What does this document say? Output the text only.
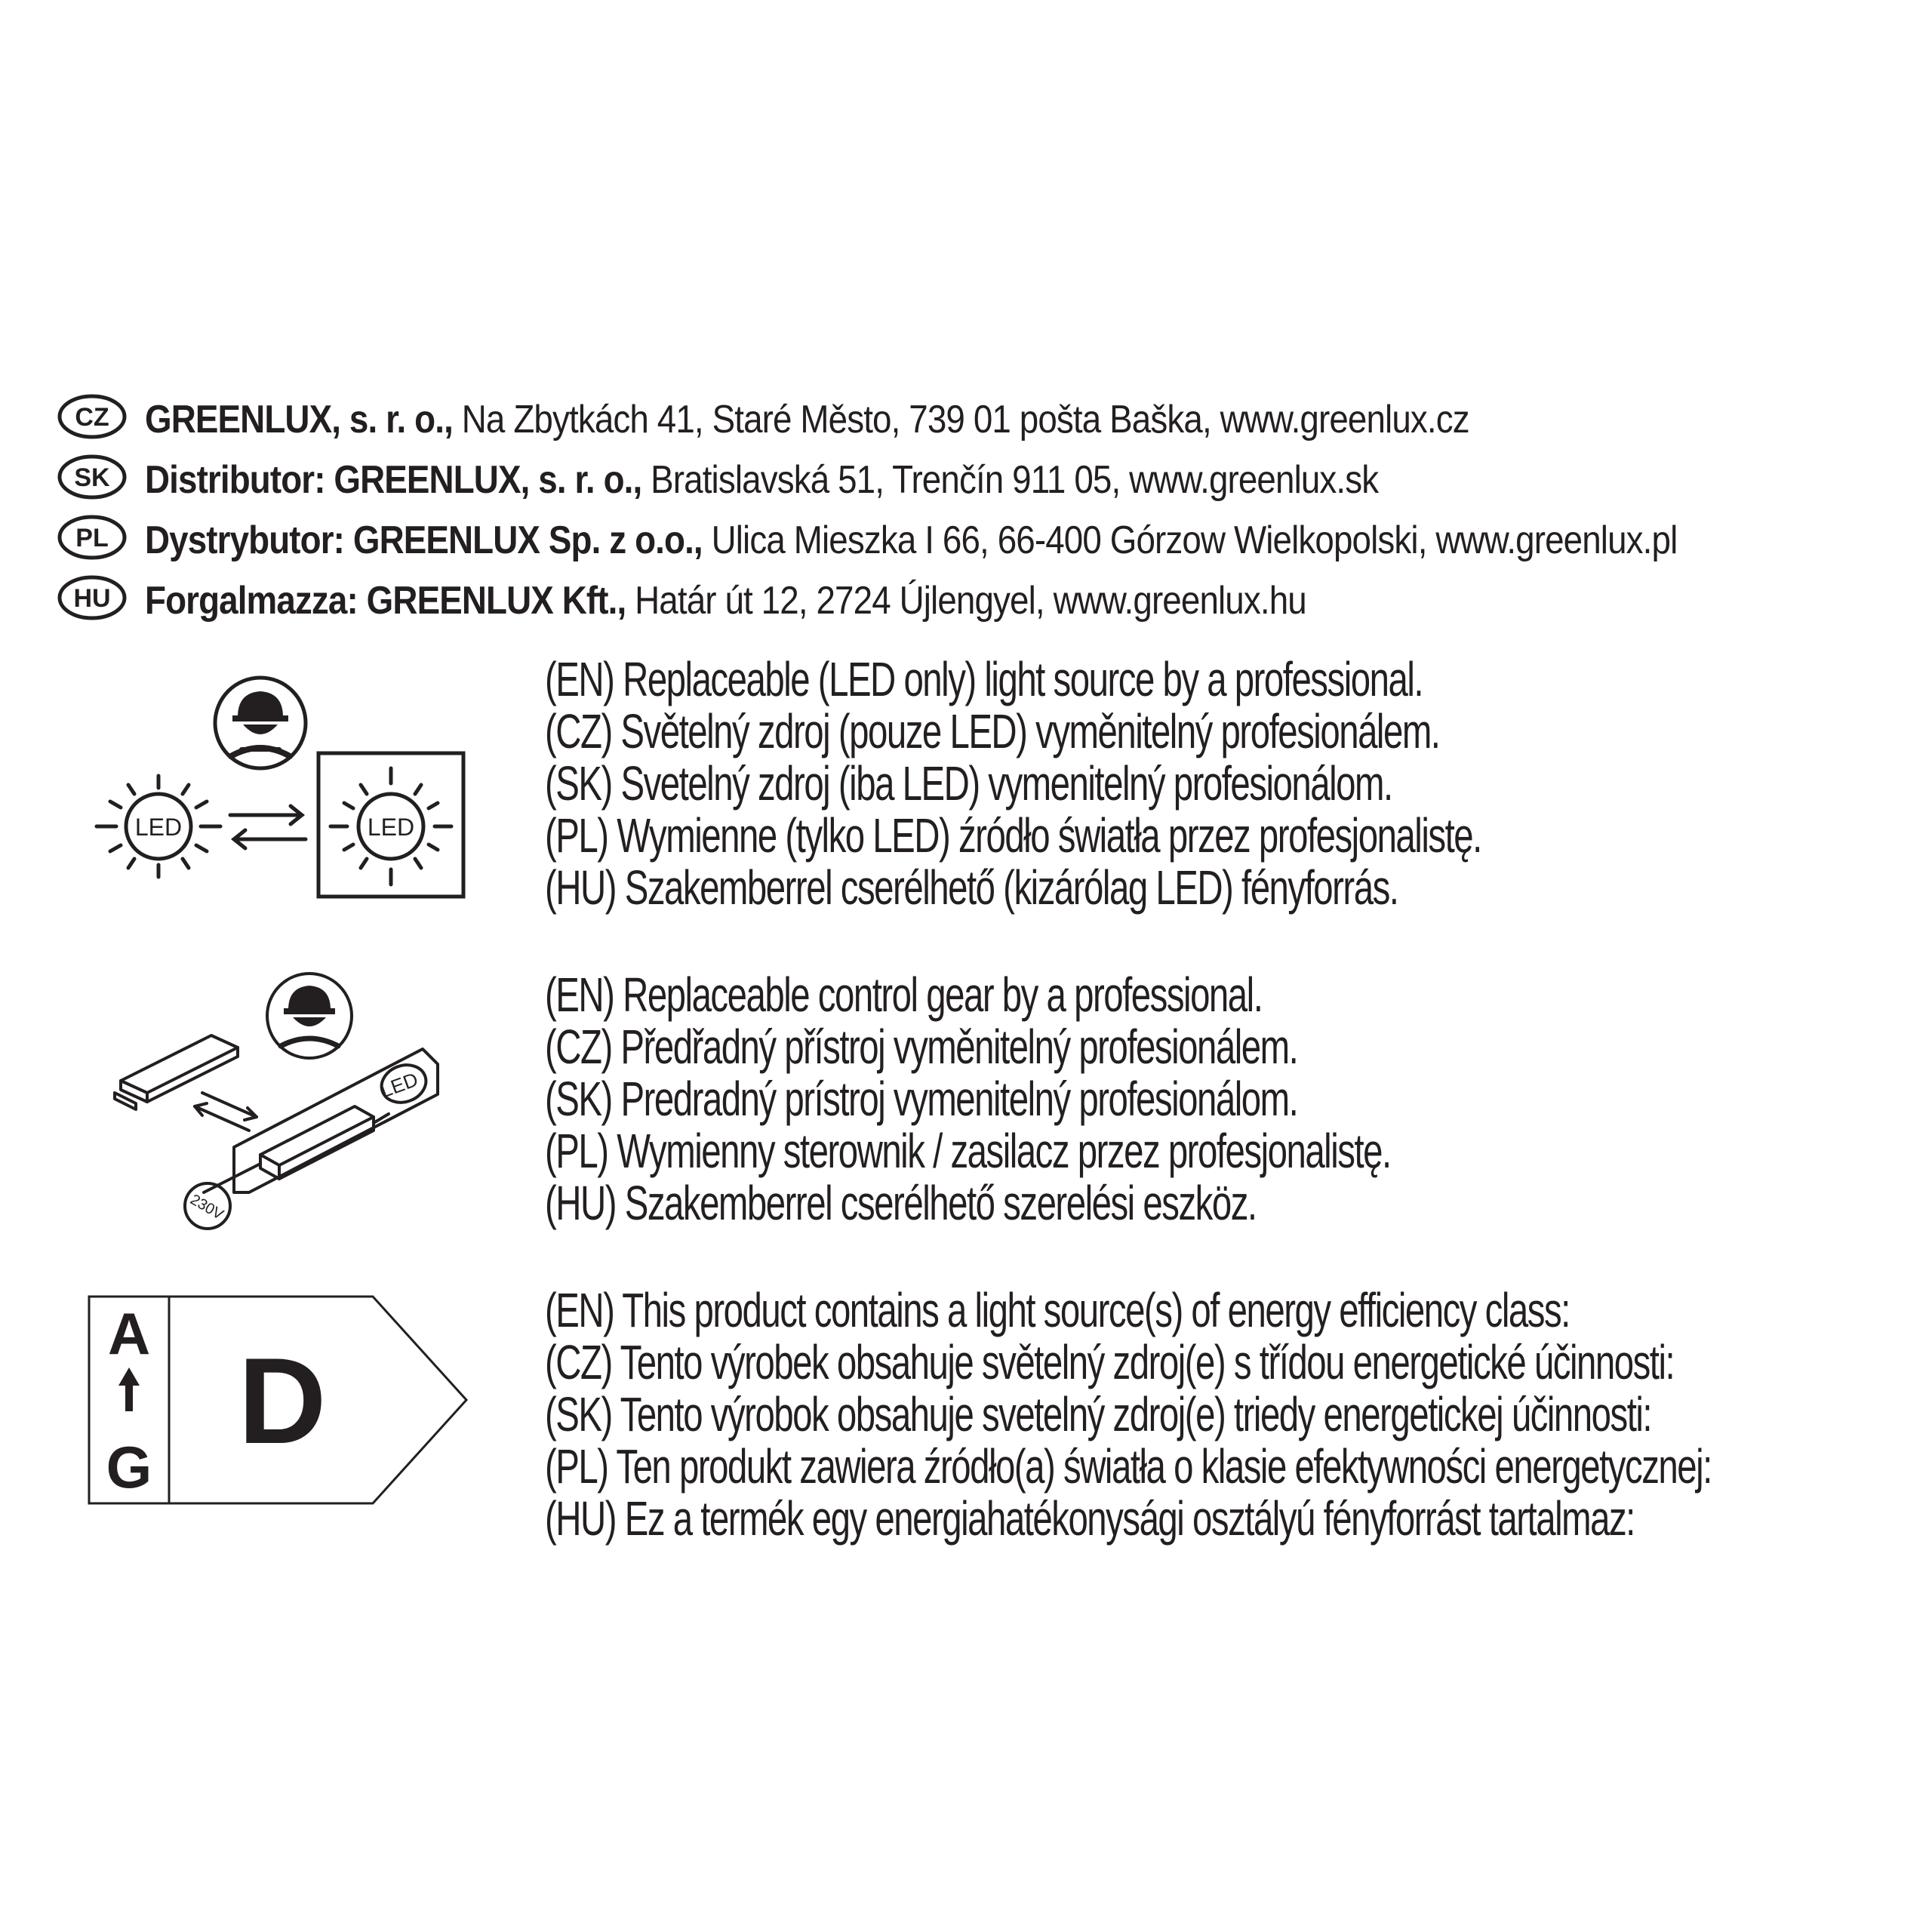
CZ GREENLUX, s. r. o., Na Zbytkách 41, Staré Město, 739 01 pošta Baška, www.greenlux.cz
SK Distributor: GREENLUX, s. r. o., Bratislavská 51, Trenčín 911 05, www.greenlux.sk
PL Dystrybutor: GREENLUX Sp. z o.o., Ulica Mieszka I 66, 66-400 Górzow Wielkopolski, www.greenlux.pl
HU Forgalmazza: GREENLUX Kft., Határ út 12, 2724 Újlengyel, www.greenlux.hu
LED	LED
(EN) Replaceable (LED only) light source by a professional.
(CZ) Světelný zdroj (pouze LED) vyměnitelný profesionálem.
(SK) Svetelný zdroj (iba LED) vymenitelný profesionálom.
(PL) Wymienne (tylko LED) źródło światła przez profesjonalistę.
(HU) Szakemberrel cserélhető (kizárólag LED) fényforrás.
LED
230V
(EN) Replaceable control gear by a professional.
(CZ) Předřadný přístroj vyměnitelný profesionálem.
(SK) Predradný prístroj vymenitelný profesionálom.
(PL) Wymienny sterownik / zasilacz przez profesjonalistę.
(HU) Szakemberrel cserélhető szerelési eszköz.
A
G D
(EN) This product contains a light source(s) of energy efficiency class:
(CZ) Tento výrobek obsahuje světelný zdroj(e) s třídou energetické účinnosti:
(SK) Tento výrobok obsahuje svetelný zdroj(e) triedy energetickej účinnosti:
(PL) Ten produkt zawiera źródło(a) światła o klasie efektywności energetycznej:
(HU) Ez a termék egy energiahatékonysági osztályú fényforrást tartalmaz:
